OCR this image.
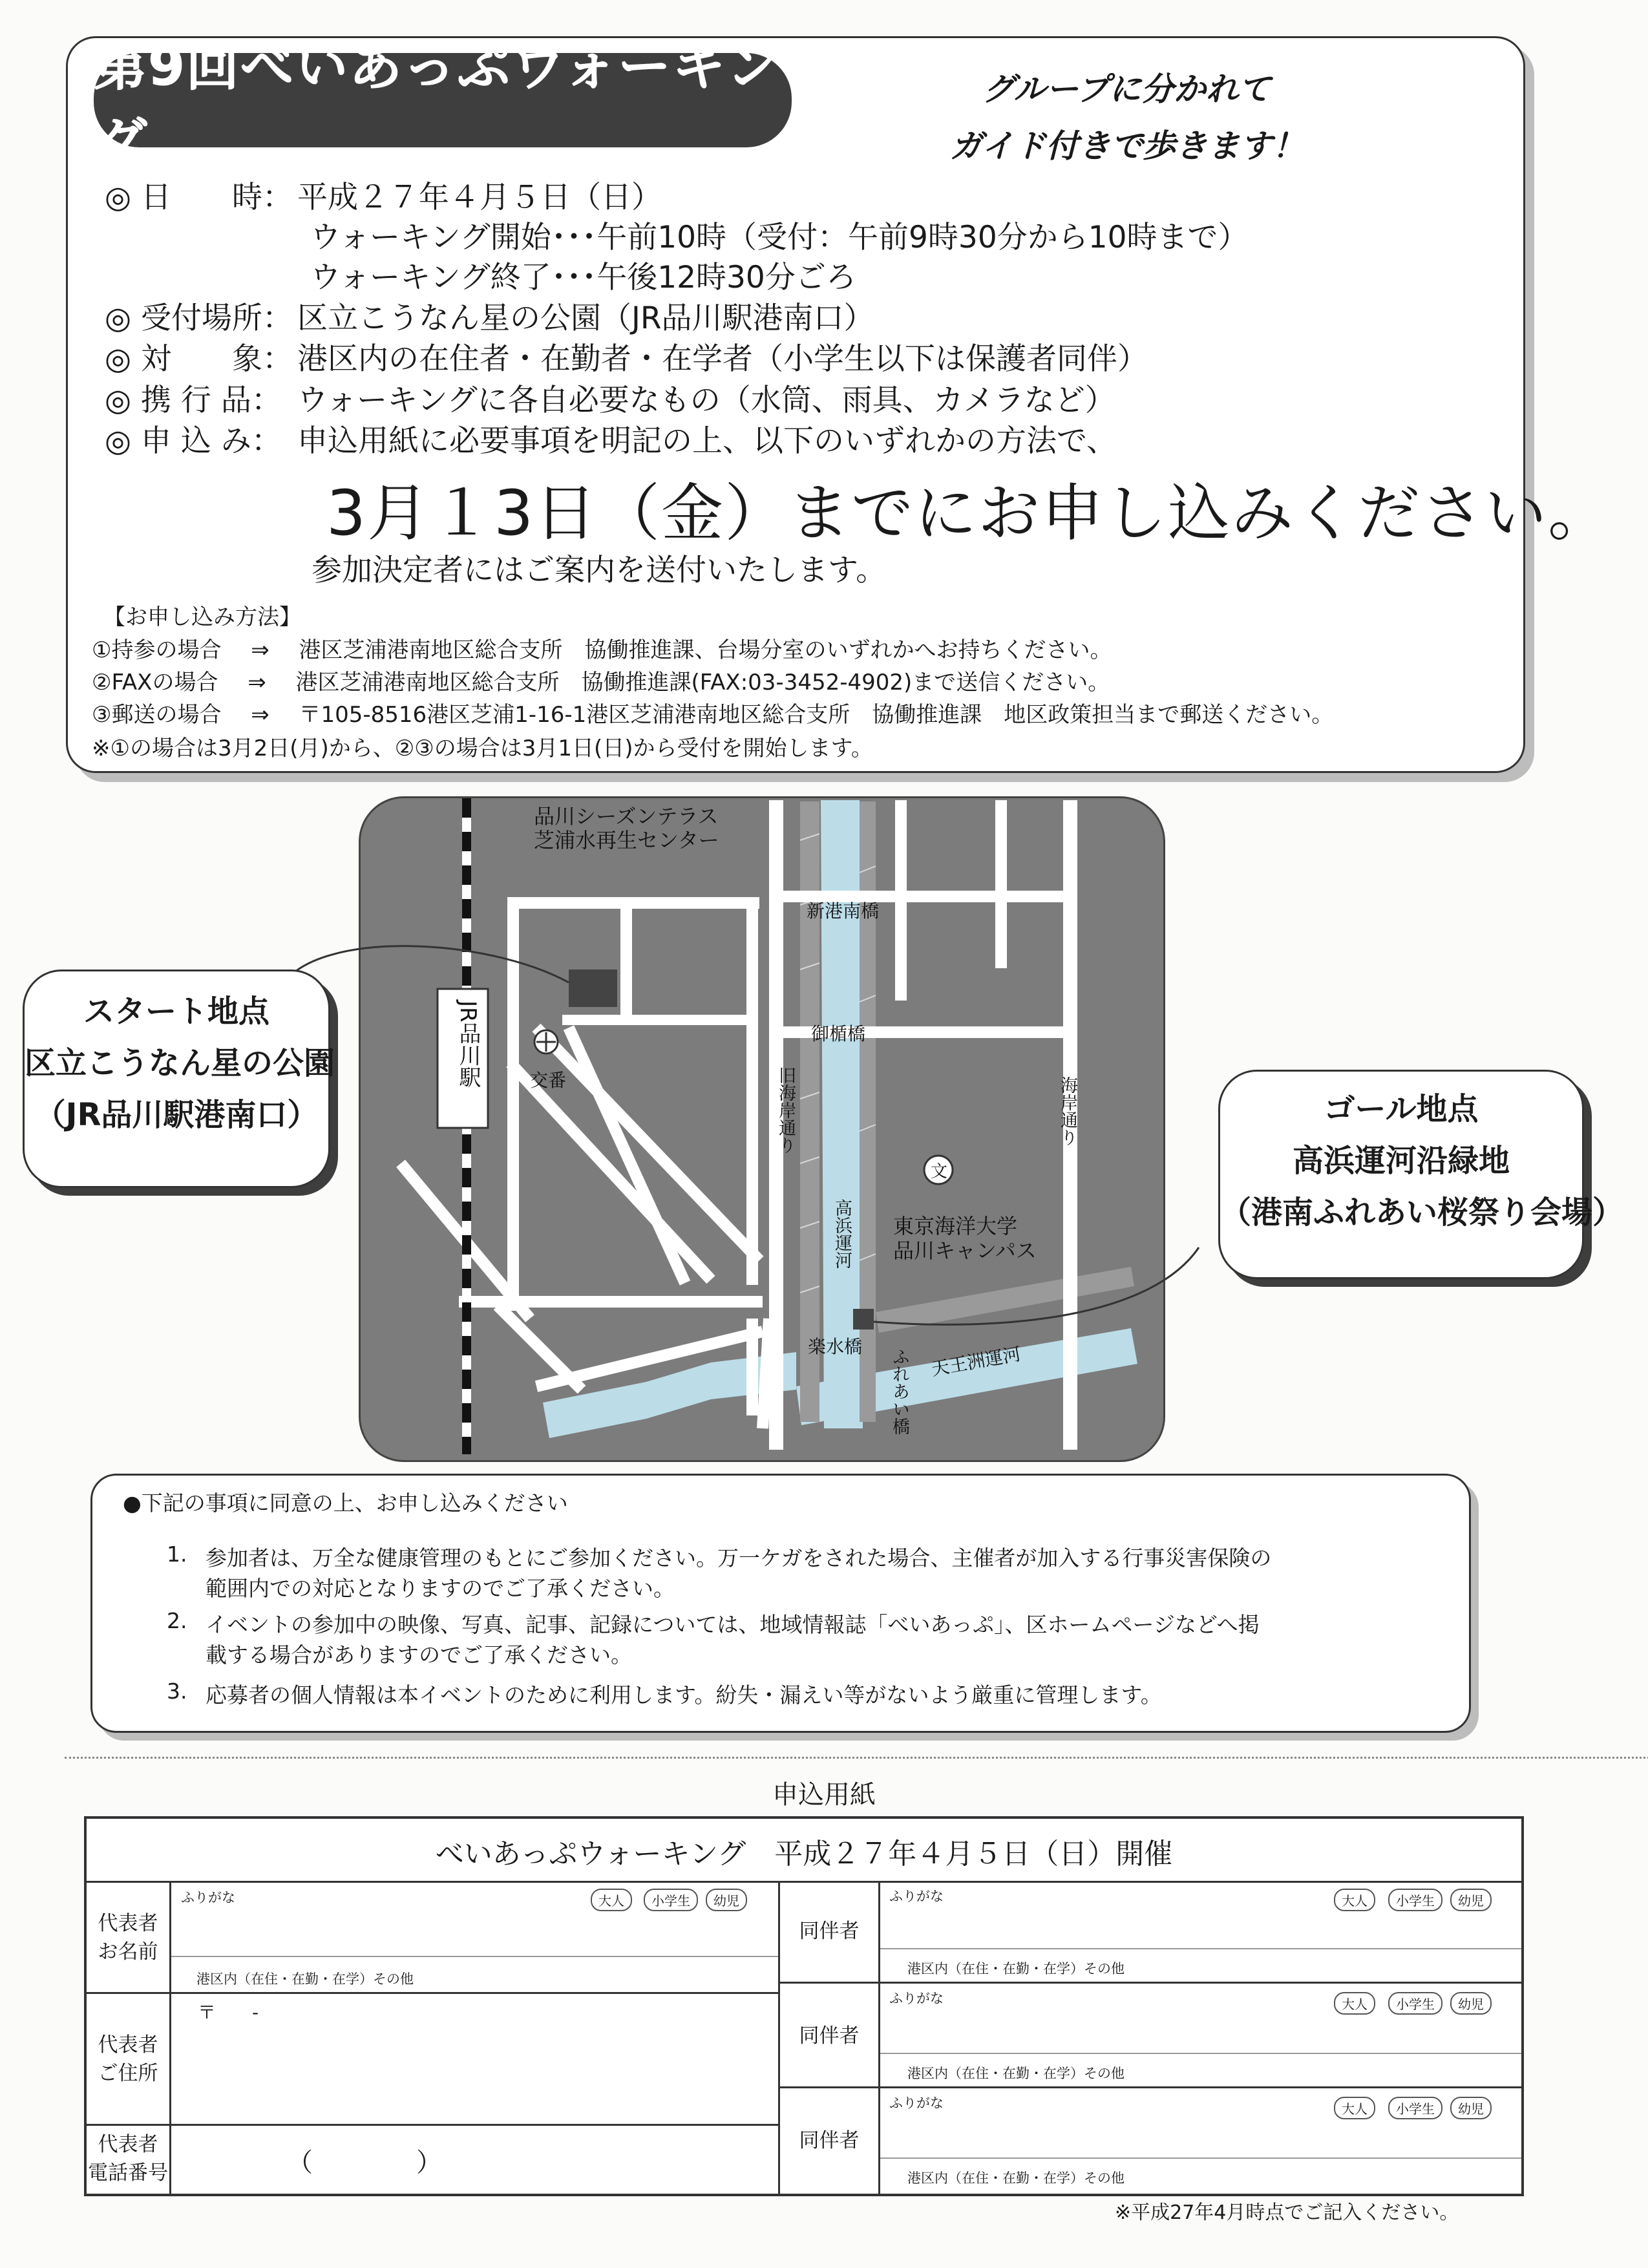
第9回べいあっぷウォーキング
グループに分かれて
ガイド付きで歩きます！
◎ 日　　時： 平成２７年４月５日（日）
ウォーキング開始･･･午前10時（受付：午前9時30分から10時まで）
ウォーキング終了･･･午後12時30分ごろ
◎ 受付場所： 区立こうなん星の公園（JR品川駅港南口）
◎ 対　　象： 港区内の在住者・在勤者・在学者（小学生以下は保護者同伴）
◎ 携 行 品： ウォーキングに各自必要なもの（水筒、雨具、カメラなど）
◎ 申 込 み： 申込用紙に必要事項を明記の上、以下のいずれかの方法で、
3月１3日（金）までにお申し込みください。
参加決定者にはご案内を送付いたします。
【お申し込み方法】
①持参の場合 ⇒ 港区芝浦港南地区総合支所　協働推進課、台場分室のいずれかへお持ちください。
②FAXの場合 ⇒ 港区芝浦港南地区総合支所　協働推進課(FAX:03-3452-4902)まで送信ください。
③郵送の場合 ⇒ 〒105-8516港区芝浦1-16-1港区芝浦港南地区総合支所　協働推進課　地区政策担当まで郵送ください。
※①の場合は3月2日(月)から、②③の場合は3月1日(日)から受付を開始します。
品川シーズンテラス
芝浦水再生センター
JR品川駅	交番
新港南橋
御楯橋
楽水橋
ふれあい橋
旧海岸通り	海岸通り
高浜運河
天王洲運河
文
東京海洋大学
品川キャンパス
スタート地点
区立こうなん星の公園
（JR品川駅港南口）	ゴール地点
高浜運河沿緑地
（港南ふれあい桜祭り会場）
●下記の事項に同意の上、お申し込みください
1. 参加者は、万全な健康管理のもとにご参加ください。万一ケガをされた場合、主催者が加入する行事災害保険の
範囲内での対応となりますのでご了承ください。
2. イベントの参加中の映像、写真、記事、記録については、地域情報誌「べいあっぷ」、区ホームページなどへ掲
載する場合がありますのでご了承ください。
3. 応募者の個人情報は本イベントのために利用します。紛失・漏えい等がないよう厳重に管理します。
申込用紙
べいあっぷウォーキング　平成２７年４月５日（日）開催
代表者
お名前
ふりがな	大人	小学生	幼児
港区内（在住・在勤・在学）その他
代表者
ご住所
〒　　-
代表者
電話番号	（　　　　）
同伴者
ふりがな	大人	小学生	幼児
港区内（在住・在勤・在学）その他
同伴者
ふりがな	大人	小学生	幼児
港区内（在住・在勤・在学）その他
同伴者
ふりがな	大人	小学生	幼児
港区内（在住・在勤・在学）その他
※平成27年4月時点でご記入ください。
